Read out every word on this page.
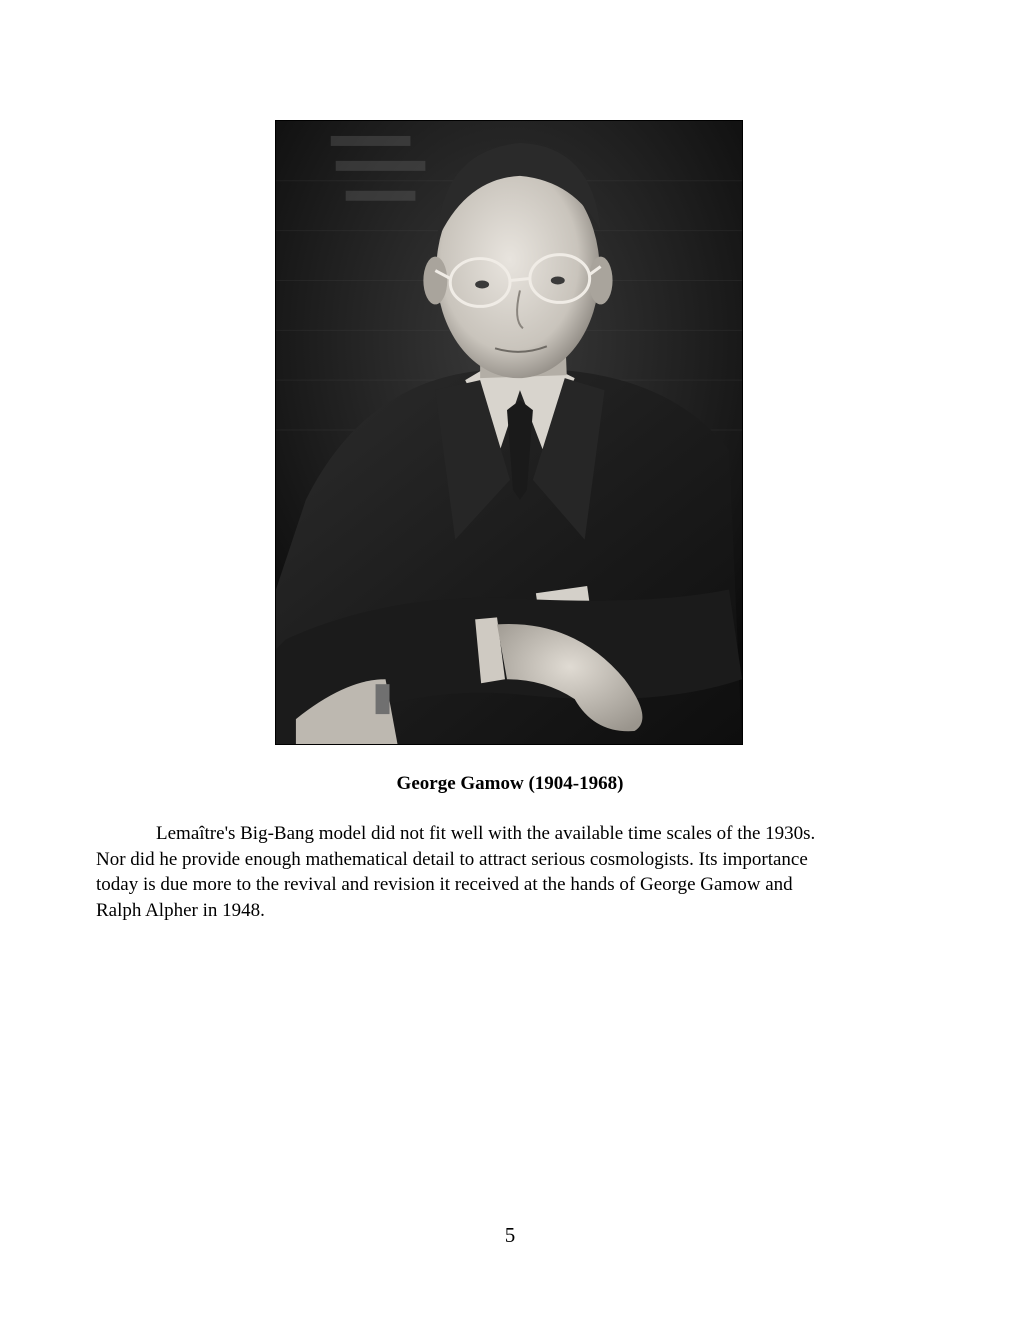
George Gamow (1904-1968)
Lemaître's Big-Bang model did not fit well with the available time scales of the 1930s.
Nor did he provide enough mathematical detail to attract serious cosmologists. Its importance
today is due more to the revival and revision it received at the hands of George Gamow and
Ralph Alpher in 1948.
5
